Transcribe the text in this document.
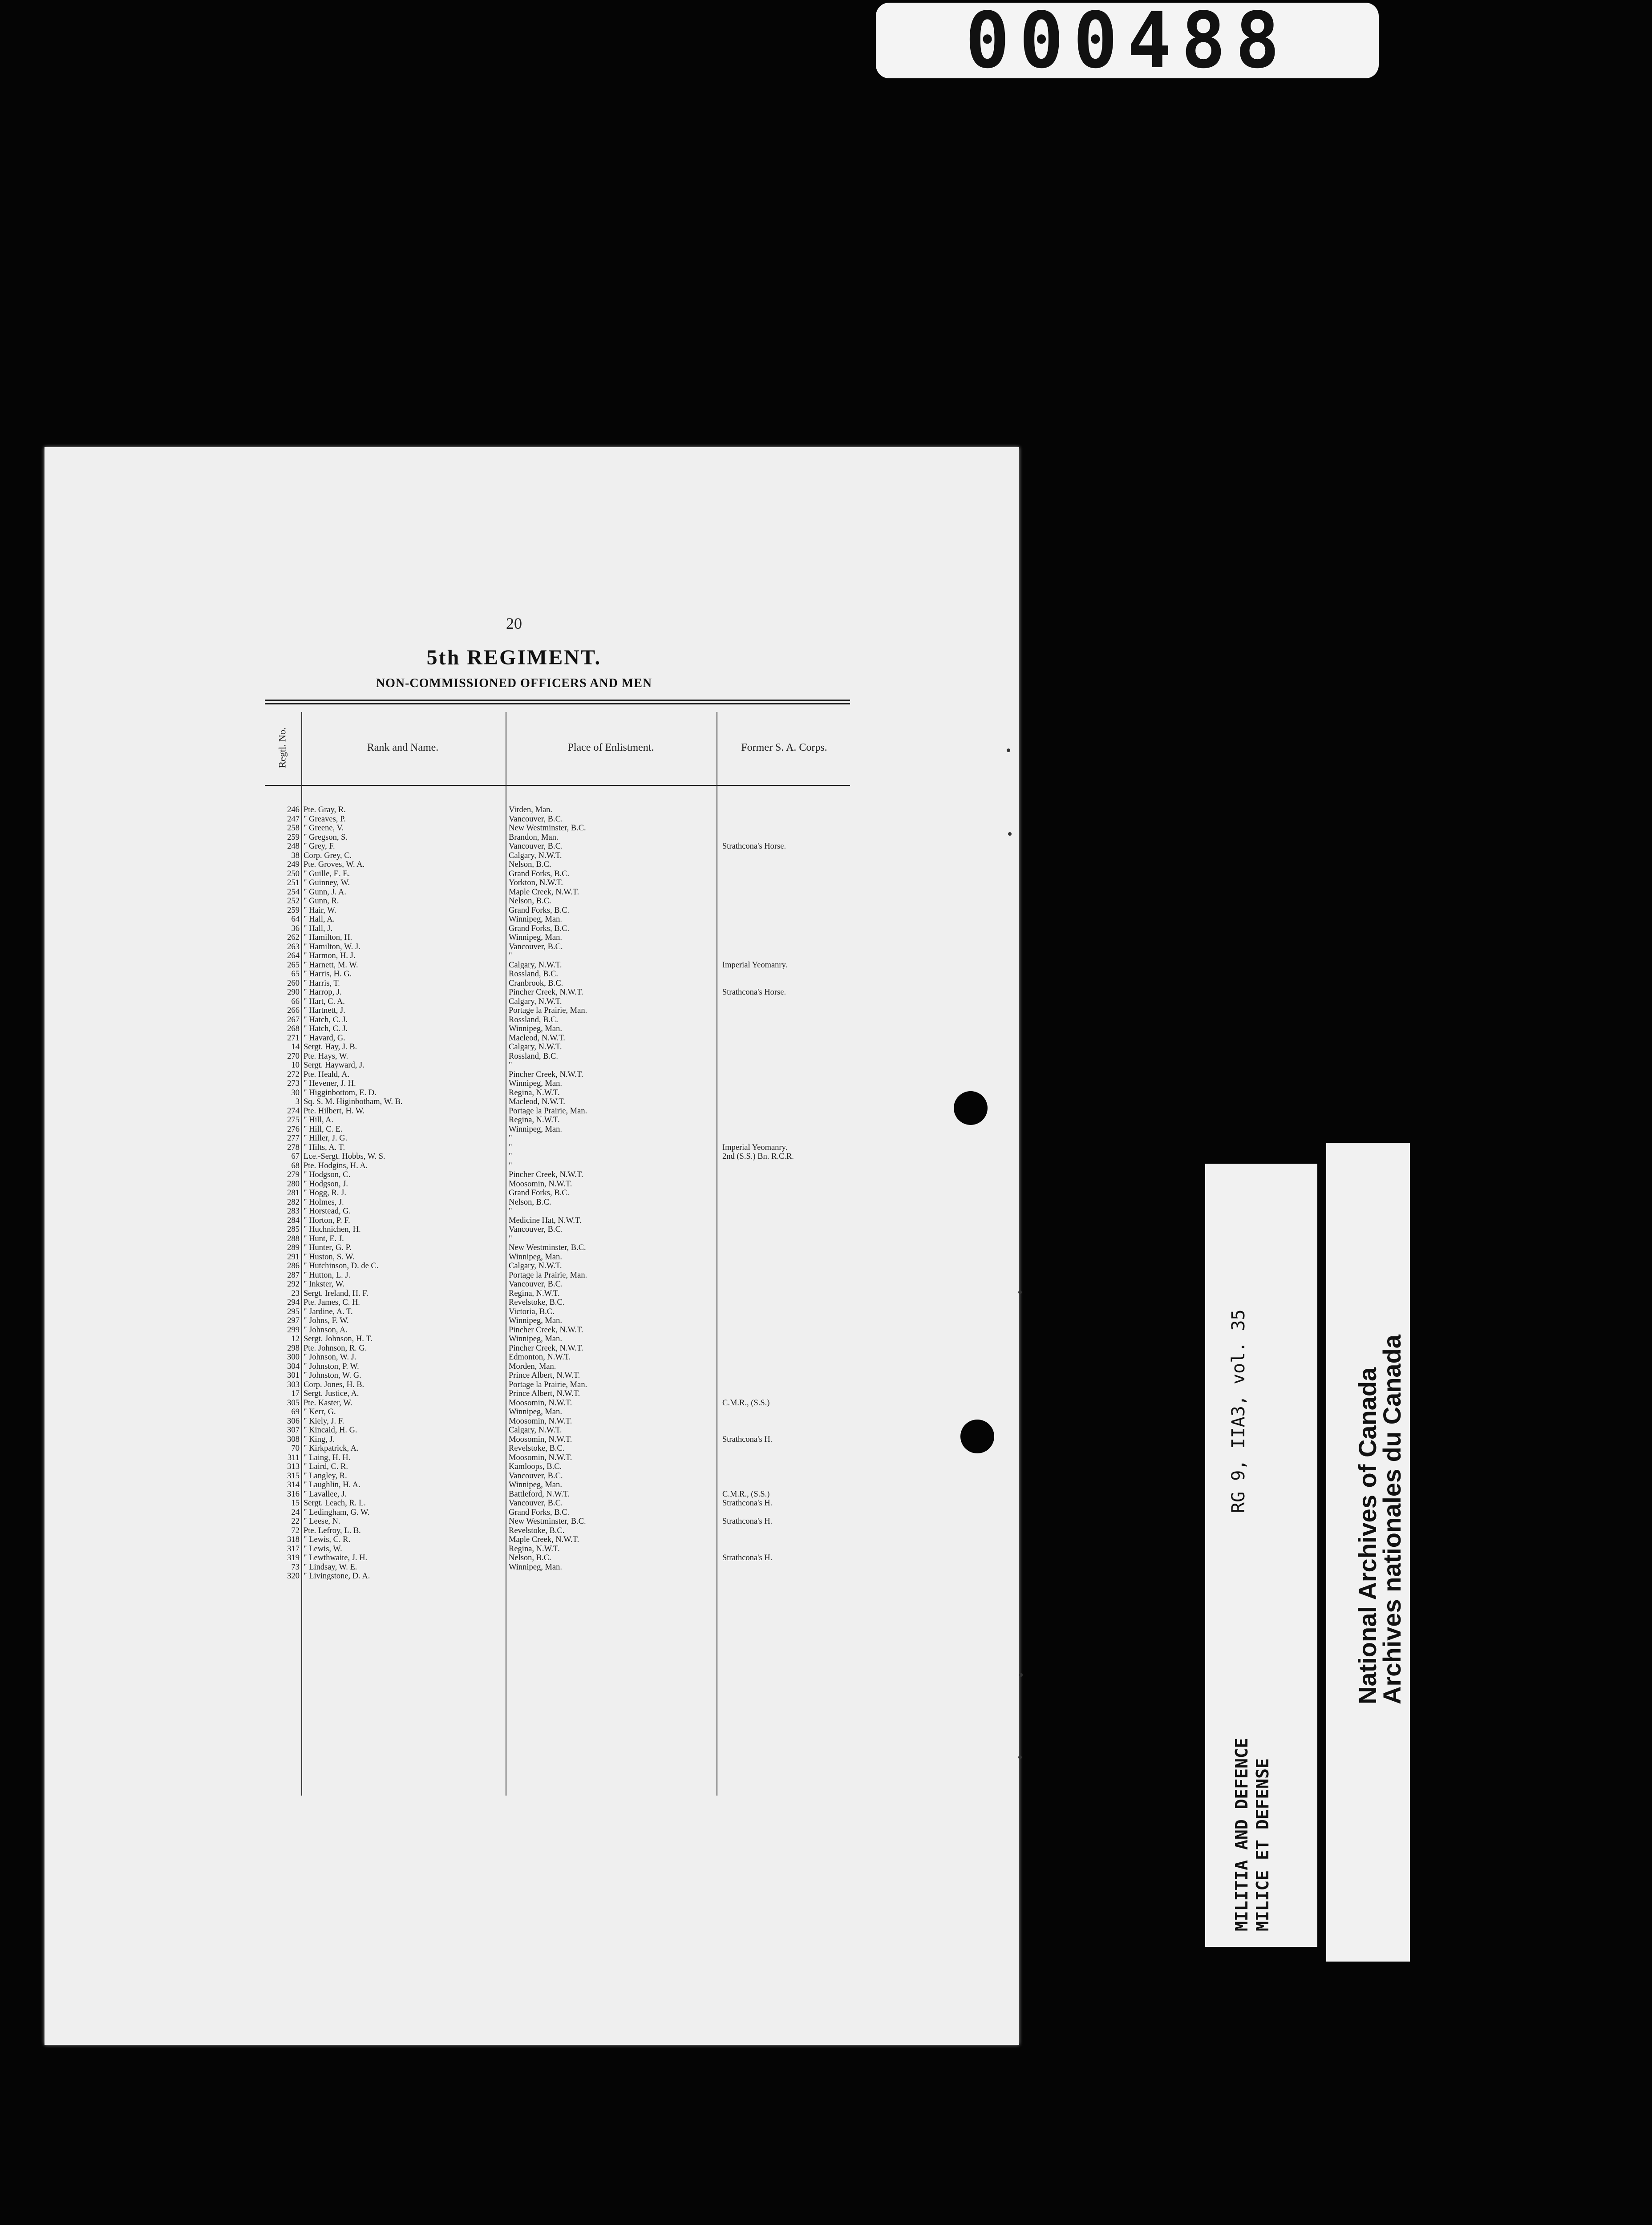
000488
20
5th REGIMENT.
NON-COMMISSIONED OFFICERS AND MEN
Regtl. No.	Rank and Name.	Place of Enlistment.	Former S. A. Corps.
246 Pte. Gray, R.	Virden, Man.
247 " Greaves, P.	Vancouver, B.C.
258 " Greene, V.	New Westminster, B.C.
259 " Gregson, S.	Brandon, Man.
248 " Grey, F.	Vancouver, B.C.	Strathcona's Horse.
38 Corp. Grey, C.	Calgary, N.W.T.
249 Pte. Groves, W. A.	Nelson, B.C.
250 " Guille, E. E.	Grand Forks, B.C.
251 " Guinney, W.	Yorkton, N.W.T.
254 " Gunn, J. A.	Maple Creek, N.W.T.
252 " Gunn, R.	Nelson, B.C.
259 " Hair, W.	Grand Forks, B.C.
64 " Hall, A.	Winnipeg, Man.
36 " Hall, J.	Grand Forks, B.C.
262 " Hamilton, H.	Winnipeg, Man.
263 " Hamilton, W. J.	Vancouver, B.C.
264 " Harmon, H. J.	"
265 " Harnett, M. W.	Calgary, N.W.T.	Imperial Yeomanry.
65 " Harris, H. G.	Rossland, B.C.
260 " Harris, T.	Cranbrook, B.C.
290 " Harrop, J.	Pincher Creek, N.W.T.	Strathcona's Horse.
66 " Hart, C. A.	Calgary, N.W.T.
266 " Hartnett, J.	Portage la Prairie, Man.
267 " Hatch, C. J.	Rossland, B.C.
268 " Hatch, C. J.	Winnipeg, Man.
271 " Havard, G.	Macleod, N.W.T.
14 Sergt. Hay, J. B.	Calgary, N.W.T.
270 Pte. Hays, W.	Rossland, B.C.
10 Sergt. Hayward, J.	"
272 Pte. Heald, A.	Pincher Creek, N.W.T.
273 " Hevener, J. H.	Winnipeg, Man.
30 " Higginbottom, E. D.	Regina, N.W.T.
3 Sq. S. M. Higinbotham, W. B.	Macleod, N.W.T.
274 Pte. Hilbert, H. W.	Portage la Prairie, Man.
275 " Hill, A.	Regina, N.W.T.
276 " Hill, C. E.	Winnipeg, Man.
277 " Hiller, J. G.	"
278 " Hilts, A. T.	"	Imperial Yeomanry.
67 Lce.-Sergt. Hobbs, W. S.	"	2nd (S.S.) Bn. R.C.R.
68 Pte. Hodgins, H. A.	"
279 " Hodgson, C.	Pincher Creek, N.W.T.
280 " Hodgson, J.	Moosomin, N.W.T.
281 " Hogg, R. J.	Grand Forks, B.C.
282 " Holmes, J.	Nelson, B.C.
283 " Horstead, G.	"
284 " Horton, P. F.	Medicine Hat, N.W.T.
285 " Huchnichen, H.	Vancouver, B.C.
288 " Hunt, E. J.	"
289 " Hunter, G. P.	New Westminster, B.C.
291 " Huston, S. W.	Winnipeg, Man.
286 " Hutchinson, D. de C.	Calgary, N.W.T.
287 " Hutton, L. J.	Portage la Prairie, Man.
292 " Inkster, W.	Vancouver, B.C.
23 Sergt. Ireland, H. F.	Regina, N.W.T.
294 Pte. James, C. H.	Revelstoke, B.C.
295 " Jardine, A. T.	Victoria, B.C.
297 " Johns, F. W.	Winnipeg, Man.
299 " Johnson, A.	Pincher Creek, N.W.T.
12 Sergt. Johnson, H. T.	Winnipeg, Man.
298 Pte. Johnson, R. G.	Pincher Creek, N.W.T.
300 " Johnson, W. J.	Edmonton, N.W.T.
304 " Johnston, P. W.	Morden, Man.
301 " Johnston, W. G.	Prince Albert, N.W.T.
303 Corp. Jones, H. B.	Portage la Prairie, Man.
17 Sergt. Justice, A.	Prince Albert, N.W.T.
305 Pte. Kaster, W.	Moosomin, N.W.T.	C.M.R., (S.S.)
69 " Kerr, G.	Winnipeg, Man.
306 " Kiely, J. F.	Moosomin, N.W.T.
307 " Kincaid, H. G.	Calgary, N.W.T.
308 " King, J.	Moosomin, N.W.T.	Strathcona's H.
70 " Kirkpatrick, A.	Revelstoke, B.C.
311 " Laing, H. H.	Moosomin, N.W.T.
313 " Laird, C. R.	Kamloops, B.C.
315 " Langley, R.	Vancouver, B.C.
314 " Laughlin, H. A.	Winnipeg, Man.
316 " Lavallee, J.	Battleford, N.W.T.	C.M.R., (S.S.)
15 Sergt. Leach, R. L.	Vancouver, B.C.	Strathcona's H.
24 " Ledingham, G. W.	Grand Forks, B.C.
22 " Leese, N.	New Westminster, B.C.	Strathcona's H.
72 Pte. Lefroy, L. B.	Revelstoke, B.C.
318 " Lewis, C. R.	Maple Creek, N.W.T.
317 " Lewis, W.	Regina, N.W.T.
319 " Lewthwaite, J. H.	Nelson, B.C.	Strathcona's H.
73 " Lindsay, W. E.	Winnipeg, Man.
320 " Livingstone, D. A.
MILITIA AND DEFENCE MILICE ET DEFENSE
RG 9, IIA3, vol. 35	National Archives of Canada
Archives nationales du Canada
